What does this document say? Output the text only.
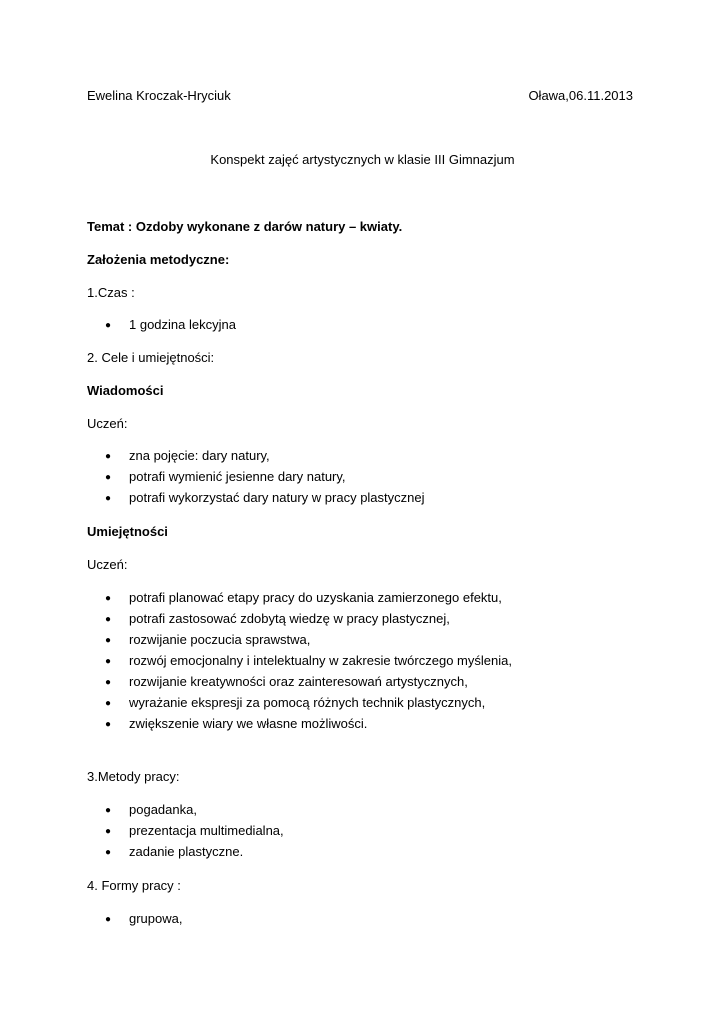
Ewelina Kroczak-Hryciuk	Oława,06.11.2013
Konspekt zajęć artystycznych w klasie III Gimnazjum
Temat : Ozdoby wykonane z darów natury – kwiaty.
Założenia metodyczne:
1.Czas :
●1 godzina lekcyjna
2. Cele i umiejętności:
Wiadomości
Uczeń:
● zna pojęcie: dary natury,
● potrafi wymienić jesienne dary natury,
● potrafi wykorzystać dary natury w pracy plastycznej
Umiejętności
Uczeń:
●potrafi planować etapy pracy do uzyskania zamierzonego efektu,
● potrafi zastosować zdobytą wiedzę w pracy plastycznej,
● rozwijanie poczucia sprawstwa,
● rozwój emocjonalny i intelektualny w zakresie twórczego myślenia,
● rozwijanie kreatywności oraz zainteresowań artystycznych,
● wyrażanie ekspresji za pomocą różnych technik plastycznych,
● zwiększenie wiary we własne możliwości.
3.Metody pracy:
● pogadanka,
● prezentacja multimedialna,
● zadanie plastyczne.
4. Formy pracy :
● grupowa,
